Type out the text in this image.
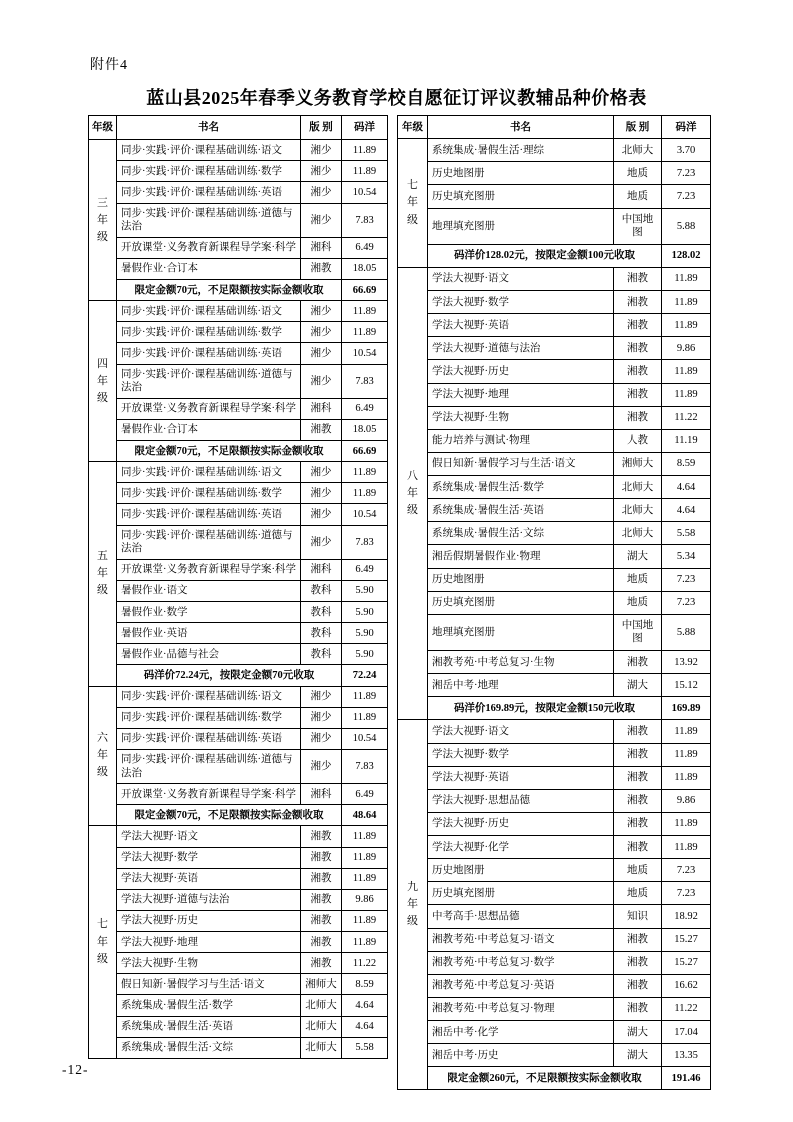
附件4
蓝山县2025年春季义务教育学校自愿征订评议教辅品种价格表
年级	书名	版 别	码洋

三
年
级	同步·实践·评价·课程基础训练·语文	湘少	11.89
	同步·实践·评价·课程基础训练·数学	湘少	11.89
	同步·实践·评价·课程基础训练·英语	湘少	10.54
	同步·实践·评价·课程基础训练·道德与法治	湘少	7.83
	开放课堂·义务教育新课程导学案·科学	湘科	6.49
	暑假作业·合订本	湘教	18.05
	限定金额70元，不足限额按实际金额收取		66.69

四
年
级	同步·实践·评价·课程基础训练·语文	湘少	11.89
	同步·实践·评价·课程基础训练·数学	湘少	11.89
	同步·实践·评价·课程基础训练·英语	湘少	10.54
	同步·实践·评价·课程基础训练·道德与法治	湘少	7.83
	开放课堂·义务教育新课程导学案·科学	湘科	6.49
	暑假作业·合订本	湘教	18.05
	限定金额70元，不足限额按实际金额收取		66.69

五
年
级	同步·实践·评价·课程基础训练·语文	湘少	11.89
	同步·实践·评价·课程基础训练·数学	湘少	11.89
	同步·实践·评价·课程基础训练·英语	湘少	10.54
	同步·实践·评价·课程基础训练·道德与法治	湘少	7.83
	开放课堂·义务教育新课程导学案·科学	湘科	6.49
	暑假作业·语文	教科	5.90
	暑假作业·数学	教科	5.90
	暑假作业·英语	教科	5.90
	暑假作业·品德与社会	教科	5.90
	码洋价72.24元，按限定金额70元收取		72.24

六
年
级	同步·实践·评价·课程基础训练·语文	湘少	11.89
	同步·实践·评价·课程基础训练·数学	湘少	11.89
	同步·实践·评价·课程基础训练·英语	湘少	10.54
	同步·实践·评价·课程基础训练·道德与法治	湘少	7.83
	开放课堂·义务教育新课程导学案·科学	湘科	6.49
	限定金额70元，不足限额按实际金额收取		48.64

七
年
级	学法大视野·语文	湘教	11.89
	学法大视野·数学	湘教	11.89
	学法大视野·英语	湘教	11.89
	学法大视野·道德与法治	湘教	9.86
	学法大视野·历史	湘教	11.89
	学法大视野·地理	湘教	11.89
	学法大视野·生物	湘教	11.22
	假日知新·暑假学习与生活·语文	湘师大	8.59
	系统集成·暑假生活·数学	北师大	4.64
	系统集成·暑假生活·英语	北师大	4.64
	系统集成·暑假生活·文综	北师大	5.58
年级	书名	版 别	码洋

七
年
级	系统集成·暑假生活·理综	北师大	3.70
	历史地图册	地质	7.23
	历史填充图册	地质	7.23
	地理填充图册	中国地图	5.88
	码洋价128.02元，按限定金额100元收取		128.02

八
年
级	学法大视野·语文	湘教	11.89
	学法大视野·数学	湘教	11.89
	学法大视野·英语	湘教	11.89
	学法大视野·道德与法治	湘教	9.86
	学法大视野·历史	湘教	11.89
	学法大视野·地理	湘教	11.89
	学法大视野·生物	湘教	11.22
	能力培养与测试·物理	人教	11.19
	假日知新·暑假学习与生活·语文	湘师大	8.59
	系统集成·暑假生活·数学	北师大	4.64
	系统集成·暑假生活·英语	北师大	4.64
	系统集成·暑假生活·文综	北师大	5.58
	湘岳假期暑假作业·物理	湖大	5.34
	历史地图册	地质	7.23
	历史填充图册	地质	7.23
	地理填充图册	中国地图	5.88
	湘教考苑·中考总复习·生物	湘教	13.92
	湘岳中考·地理	湖大	15.12
	码洋价169.89元，按限定金额150元收取		169.89

九
年
级	学法大视野·语文	湘教	11.89
	学法大视野·数学	湘教	11.89
	学法大视野·英语	湘教	11.89
	学法大视野·思想品德	湘教	9.86
	学法大视野·历史	湘教	11.89
	学法大视野·化学	湘教	11.89
	历史地图册	地质	7.23
	历史填充图册	地质	7.23
	中考高手·思想品德	知识	18.92
	湘教考苑·中考总复习·语文	湘教	15.27
	湘教考苑·中考总复习·数学	湘教	15.27
	湘教考苑·中考总复习·英语	湘教	16.62
	湘教考苑·中考总复习·物理	湘教	11.22
	湘岳中考·化学	湖大	17.04
	湘岳中考·历史	湖大	13.35
	限定金额260元，不足限额按实际金额收取		191.46
-12-
